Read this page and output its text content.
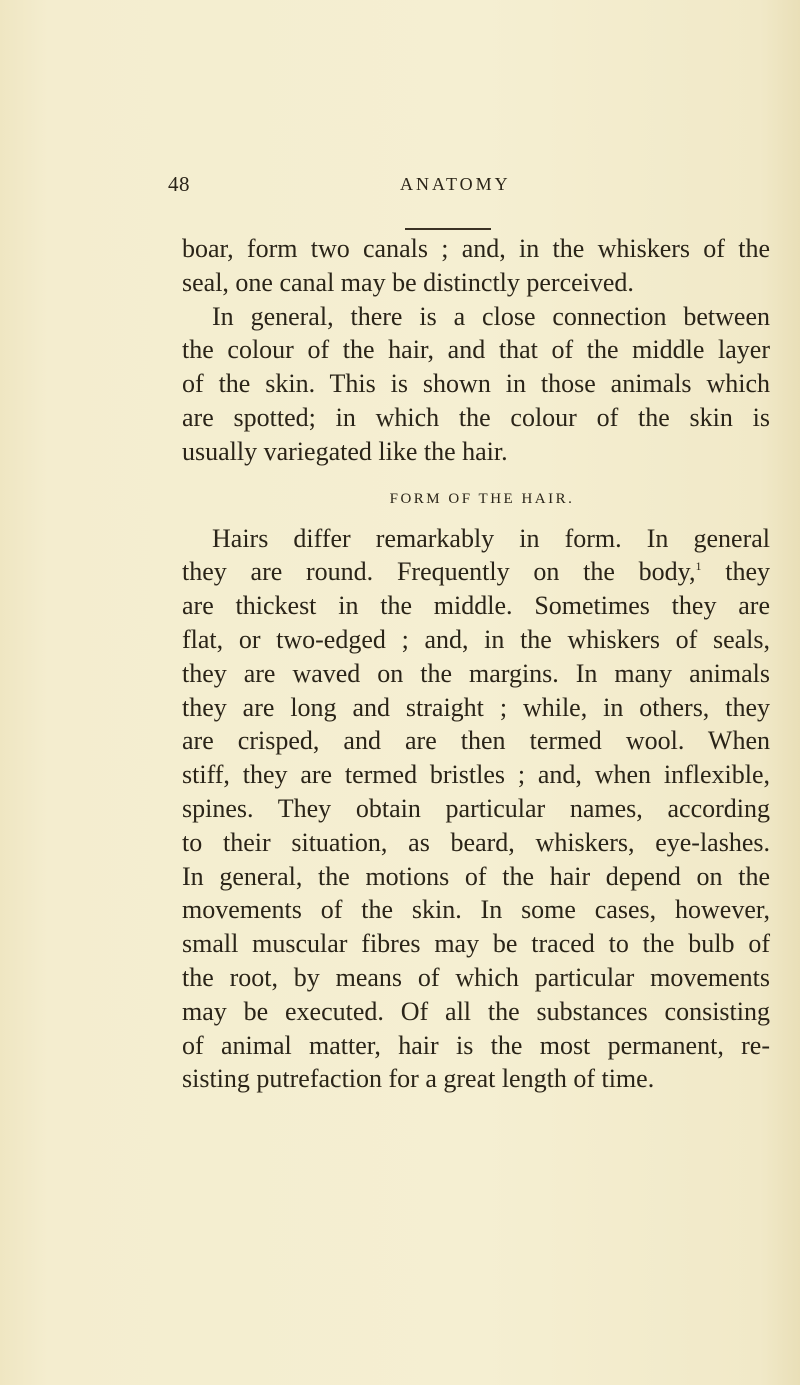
48	ANATOMY
boar, form two canals ; and, in the whiskers of the
seal, one canal may be distinctly perceived.
In general, there is a close connection between
the colour of the hair, and that of the middle layer
of the skin. This is shown in those animals which
are spotted; in which the colour of the skin is
usually variegated like the hair.
FORM OF THE HAIR.
Hairs differ remarkably in form. In general
they are round. Frequently on the body,$^1$ they
are thickest in the middle. Sometimes they are
flat, or two-edged ; and, in the whiskers of seals,
they are waved on the margins. In many animals
they are long and straight ; while, in others, they
are crisped, and are then termed wool. When
stiff, they are termed bristles ; and, when inflexible,
spines. They obtain particular names, according
to their situation, as beard, whiskers, eye-lashes.
In general, the motions of the hair depend on the
movements of the skin. In some cases, however,
small muscular fibres may be traced to the bulb of
the root, by means of which particular movements
may be executed. Of all the substances consisting
of animal matter, hair is the most permanent, re-
sisting putrefaction for a great length of time.
